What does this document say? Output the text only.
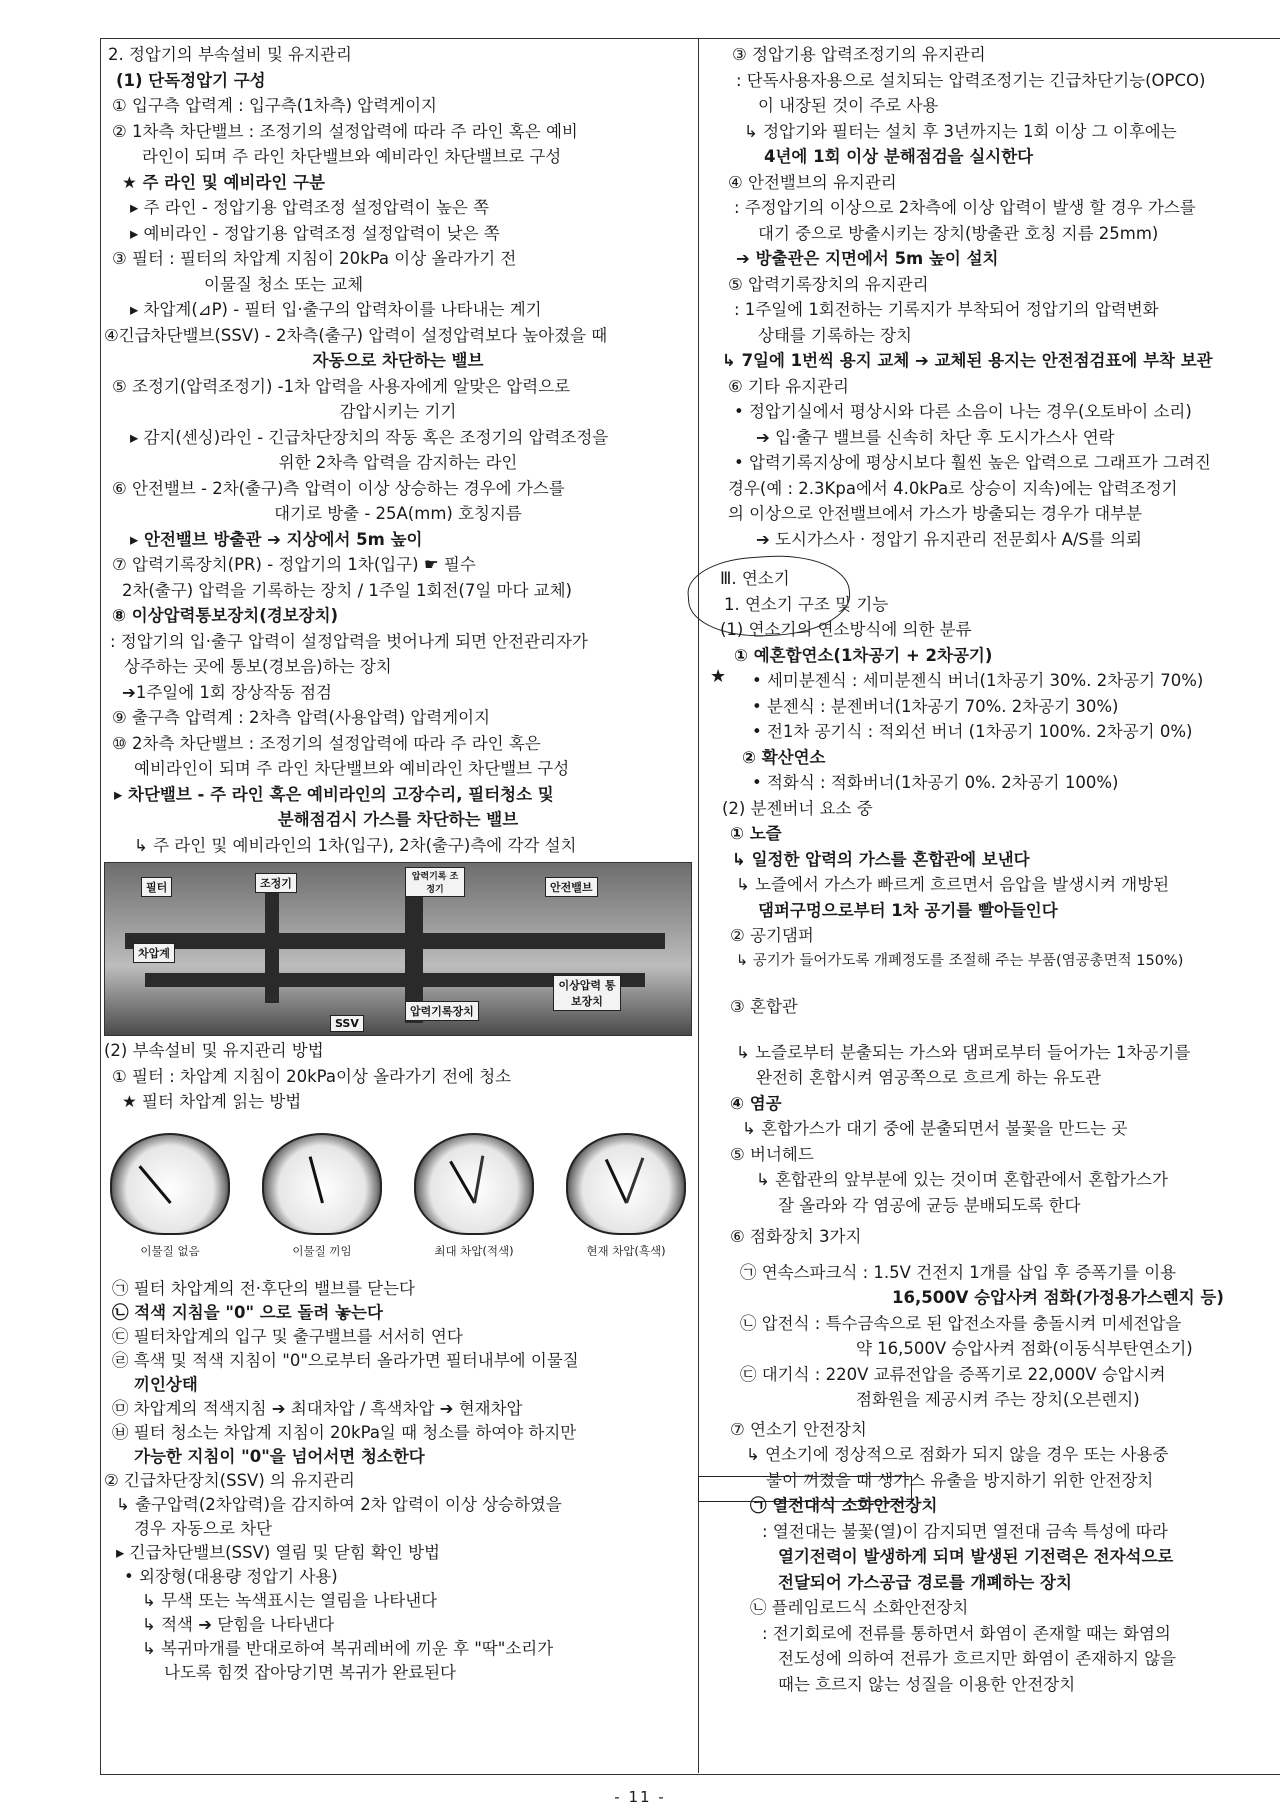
2. 정압기의 부속설비 및 유지관리
(1) 단독정압기 구성
① 입구측 압력계 : 입구측(1차측) 압력게이지
② 1차측 차단밸브 : 조정기의 설정압력에 따라 주 라인 혹은 예비
라인이 되며 주 라인 차단밸브와 예비라인 차단밸브로 구성
★ 주 라인 및 예비라인 구분
▸ 주 라인 - 정압기용 압력조정 설정압력이 높은 쪽
▸ 예비라인 - 정압기용 압력조정 설정압력이 낮은 쪽
③ 필터 : 필터의 차압계 지침이 20kPa 이상 올라가기 전
이물질 청소 또는 교체
▸ 차압계(⊿P) - 필터 입·출구의 압력차이를 나타내는 계기
④긴급차단밸브(SSV) - 2차측(출구) 압력이 설정압력보다 높아졌을 때
자동으로 차단하는 밸브
⑤ 조정기(압력조정기) -1차 압력을 사용자에게 알맞은 압력으로
감압시키는 기기
▸ 감지(센싱)라인 - 긴급차단장치의 작동 혹은 조정기의 압력조정을
위한 2차측 압력을 감지하는 라인
⑥ 안전밸브 - 2차(출구)측 압력이 이상 상승하는 경우에 가스를
대기로 방출 - 25A(mm) 호칭지름
▸ 안전밸브 방출관 ➔ 지상에서 5m 높이
⑦ 압력기록장치(PR) - 정압기의 1차(입구) ☛ 필수
2차(출구) 압력을 기록하는 장치 / 1주일 1회전(7일 마다 교체)
⑧ 이상압력통보장치(경보장치)
: 정압기의 입·출구 압력이 설정압력을 벗어나게 되면 안전관리자가
상주하는 곳에 통보(경보음)하는 장치
➔1주일에 1회 장상작동 점검
⑨ 출구측 압력계 : 2차측 압력(사용압력) 압력게이지
⑩ 2차측 차단밸브 : 조정기의 설정압력에 따라 주 라인 혹은
예비라인이 되며 주 라인 차단밸브와 예비라인 차단밸브 구성
▸ 차단밸브 - 주 라인 혹은 예비라인의 고장수리, 필터청소 및
분해점검시 가스를 차단하는 밸브
↳ 주 라인 및 예비라인의 1차(입구), 2차(출구)측에 각각 설치
필터	조정기
차압계
안전밸브
SSV
압력기록장치
이상압력 통보장치
압력기록 조정기
(2) 부속설비 및 유지관리 방법
① 필터 : 차압계 지침이 20kPa이상 올라가기 전에 청소
★ 필터 차압계 읽는 방법
이물질 없음	이물질 끼임	최대 차압(적색)	현재 차압(흑색)
㉠ 필터 차압계의 전·후단의 밸브를 닫는다
㉡ 적색 지침을 "0" 으로 돌려 놓는다
㉢ 필터차압계의 입구 및 출구밸브를 서서히 연다
㉣ 흑색 및 적색 지침이 "0"으로부터 올라가면 필터내부에 이물질
끼인상태
㉤ 차압계의 적색지침 ➔ 최대차압 / 흑색차압 ➔ 현재차압
㉥ 필터 청소는 차압계 지침이 20kPa일 때 청소를 하여야 하지만
가능한 지침이 "0"을 넘어서면 청소한다
② 긴급차단장치(SSV) 의 유지관리
↳ 출구압력(2차압력)을 감지하여 2차 압력이 이상 상승하였을
경우 자동으로 차단
▸ 긴급차단밸브(SSV) 열림 및 닫힘 확인 방법
• 외장형(대용량 정압기 사용)
↳ 무색 또는 녹색표시는 열림을 나타낸다
↳ 적색 ➔ 닫힘을 나타낸다
↳ 복귀마개를 반대로하여 복귀레버에 끼운 후 "딱"소리가
나도록 힘껏 잡아당기면 복귀가 완료된다
③ 정압기용 압력조정기의 유지관리
: 단독사용자용으로 설치되는 압력조정기는 긴급차단기능(OPCO)
이 내장된 것이 주로 사용
↳ 정압기와 필터는 설치 후 3년까지는 1회 이상 그 이후에는
4년에 1회 이상 분해점검을 실시한다
④ 안전밸브의 유지관리
: 주정압기의 이상으로 2차측에 이상 압력이 발생 할 경우 가스를
대기 중으로 방출시키는 장치(방출관 호칭 지름 25mm)
➔ 방출관은 지면에서 5m 높이 설치
⑤ 압력기록장치의 유지관리
: 1주일에 1회전하는 기록지가 부착되어 정압기의 압력변화
상태를 기록하는 장치
↳ 7일에 1번씩 용지 교체 ➔ 교체된 용지는 안전점검표에 부착 보관
⑥ 기타 유지관리
• 정압기실에서 평상시와 다른 소음이 나는 경우(오토바이 소리)
➔ 입·출구 밸브를 신속히 차단 후 도시가스사 연락
• 압력기록지상에 평상시보다 훨씬 높은 압력으로 그래프가 그려진
경우(예 : 2.3Kpa에서 4.0kPa로 상승이 지속)에는 압력조정기
의 이상으로 안전밸브에서 가스가 방출되는 경우가 대부분
➔ 도시가스사 · 정압기 유지관리 전문회사 A/S를 의뢰
Ⅲ. 연소기
1. 연소기 구조 및 기능
(1) 연소기의 연소방식에 의한 분류
① 예혼합연소(1차공기 + 2차공기)
• 세미분젠식 : 세미분젠식 버너(1차공기 30%. 2차공기 70%)
• 분젠식 : 분젠버너(1차공기 70%. 2차공기 30%)
• 전1차 공기식 : 적외선 버너 (1차공기 100%. 2차공기 0%)
② 확산연소
• 적화식 : 적화버너(1차공기 0%. 2차공기 100%)
(2) 분젠버너 요소 중
① 노즐
↳ 일정한 압력의 가스를 혼합관에 보낸다
↳ 노즐에서 가스가 빠르게 흐르면서 음압을 발생시켜 개방된
댐퍼구멍으로부터 1차 공기를 빨아들인다
② 공기댐퍼
↳ 공기가 들어가도록 개폐정도를 조절해 주는 부품(염공총면적 150%)
③ 혼합관
↳ 노즐로부터 분출되는 가스와 댐퍼로부터 들어가는 1차공기를
완전히 혼합시켜 염공쪽으로 흐르게 하는 유도관
④ 염공
↳ 혼합가스가 대기 중에 분출되면서 불꽃을 만드는 곳
⑤ 버너헤드
↳ 혼합관의 앞부분에 있는 것이며 혼합관에서 혼합가스가
잘 올라와 각 염공에 균등 분배되도록 한다
⑥ 점화장치 3가지
㉠ 연속스파크식 : 1.5V 건전지 1개를 삽입 후 증폭기를 이용
16,500V 승압사켜 점화(가정용가스렌지 등)
㉡ 압전식 : 특수금속으로 된 압전소자를 충돌시켜 미세전압을
약 16,500V 승압사켜 점화(이동식부탄연소기)
㉢ 대기식 : 220V 교류전압을 증폭기로 22,000V 승압시켜
점화원을 제공시켜 주는 장치(오븐렌지)
⑦ 연소기 안전장치
↳ 연소기에 정상적으로 점화가 되지 않을 경우 또는 사용중
불이 꺼졌을 때 생가스 유출을 방지하기 위한 안전장치
㉠ 열전대식 소화안전장치
: 열전대는 불꽃(열)이 감지되면 열전대 금속 특성에 따라
열기전력이 발생하게 되며 발생된 기전력은 전자석으로
전달되어 가스공급 경로를 개폐하는 장치
㉡ 플레임로드식 소화안전장치
: 전기회로에 전류를 통하면서 화염이 존재할 때는 화염의
전도성에 의하여 전류가 흐르지만 화염이 존재하지 않을
때는 흐르지 않는 성질을 이용한 안전장치
★
- 11 -
